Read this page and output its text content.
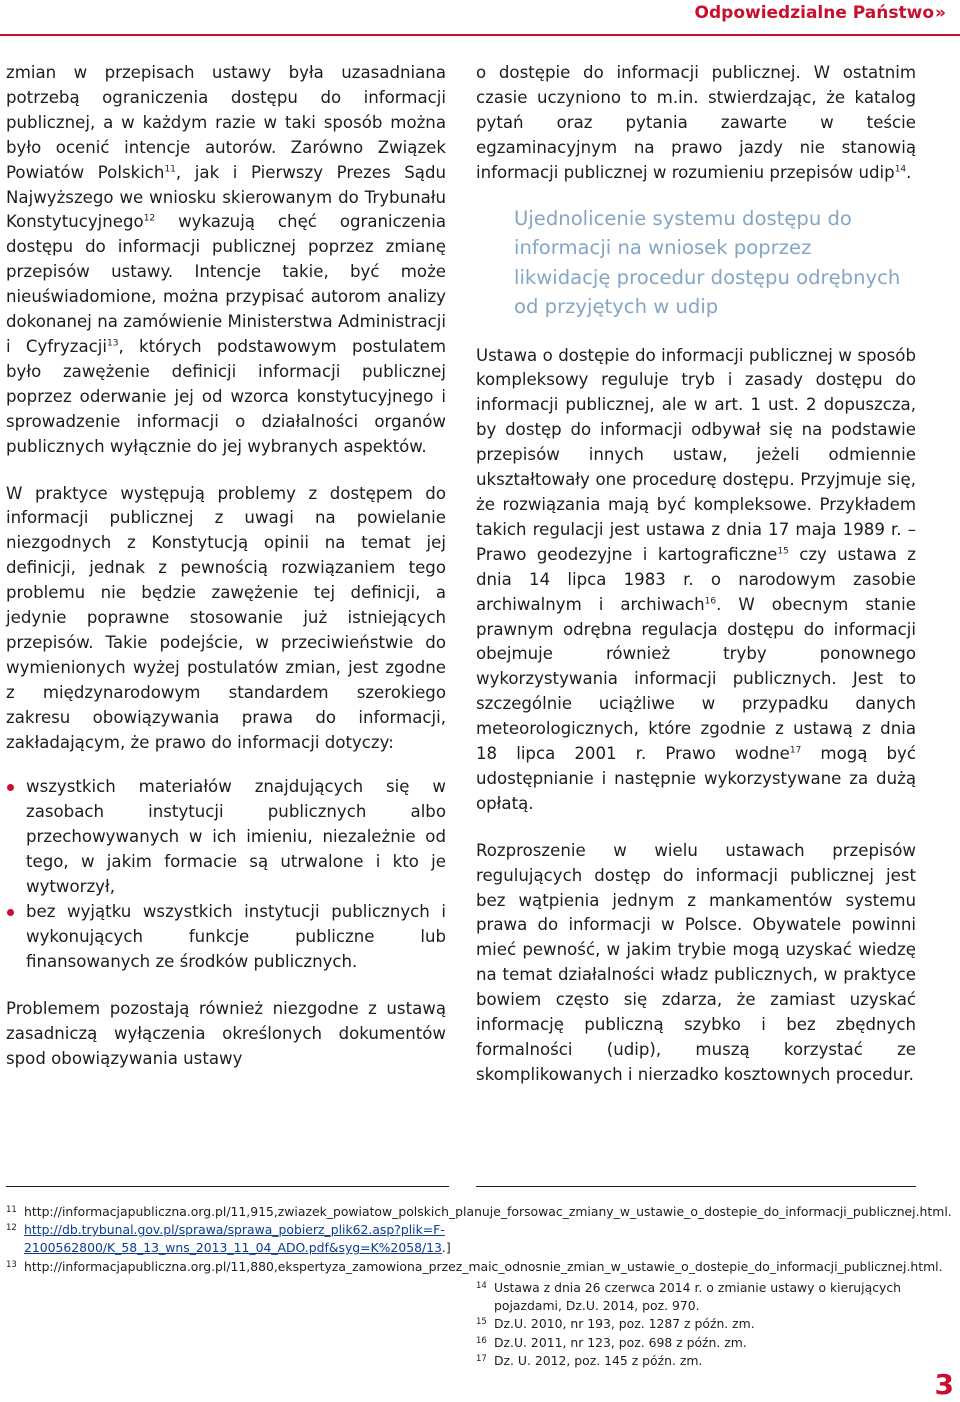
Odpowiedzialne Państwo»

zmian w przepisach ustawy była uzasadniana potrzebą ograniczenia dostępu do informacji publicznej, a w każdym razie w taki sposób można było ocenić intencje autorów. Zarówno Związek Powiatów Polskich$^{11}$, jak i Pierwszy Prezes Sądu Najwyższego we wniosku skierowanym do Trybunału Konstytucyjnego$^{12}$ wykazują chęć ograniczenia dostępu do informacji publicznej poprzez zmianę przepisów ustawy. Intencje takie, być może nieuświadomione, można przypisać autorom analizy dokonanej na zamówienie Ministerstwa Administracji i Cyfryzacji$^{13}$, których podstawowym postulatem było zawężenie definicji informacji publicznej poprzez oderwanie jej od wzorca konstytucyjnego i sprowadzenie informacji o działalności organów publicznych wyłącznie do jej wybranych aspektów.

W praktyce występują problemy z dostępem do informacji publicznej z uwagi na powielanie niezgodnych z Konstytucją opinii na temat jej definicji, jednak z pewnością rozwiązaniem tego problemu nie będzie zawężenie tej definicji, a jedynie poprawne stosowanie już istniejących przepisów. Takie podejście, w przeciwieństwie do wymienionych wyżej postulatów zmian, jest zgodne z międzynarodowym standardem szerokiego zakresu obowiązywania prawa do informacji, zakładającym, że prawo do informacji dotyczy:

wszystkich materiałów znajdujących się w zasobach instytucji publicznych albo przechowywanych w ich imieniu, niezależnie od tego, w jakim formacie są utrwalone i kto je wytworzył,
bez wyjątku wszystkich instytucji publicznych i wykonujących funkcje publiczne lub finansowanych ze środków publicznych.

Problemem pozostają również niezgodne z ustawą zasadniczą wyłączenia określonych dokumentów spod obowiązywania ustawy

o dostępie do informacji publicznej. W ostatnim czasie uczyniono to m.in. stwierdzając, że katalog pytań oraz pytania zawarte w teście egzaminacyjnym na prawo jazdy nie stanowią informacji publicznej w rozumieniu przepisów udip$^{14}$.

Ujednolicenie systemu dostępu do informacji na wniosek poprzez likwidację procedur dostępu odrębnych od przyjętych w udip

Ustawa o dostępie do informacji publicznej w sposób kompleksowy reguluje tryb i zasady dostępu do informacji publicznej, ale w art. 1 ust. 2 dopuszcza, by dostęp do informacji odbywał się na podstawie przepisów innych ustaw, jeżeli odmiennie ukształtowały one procedurę dostępu. Przyjmuje się, że rozwiązania mają być kompleksowe. Przykładem takich regulacji jest ustawa z dnia 17 maja 1989 r. – Prawo geodezyjne i kartograficzne$^{15}$ czy ustawa z dnia 14 lipca 1983 r. o narodowym zasobie archiwalnym i archiwach$^{16}$. W obecnym stanie prawnym odrębna regulacja dostępu do informacji obejmuje również tryby ponownego wykorzystywania informacji publicznych. Jest to szczególnie uciążliwe w przypadku danych meteorologicznych, które zgodnie z ustawą z dnia 18 lipca 2001 r. Prawo wodne$^{17}$ mogą być udostępnianie i następnie wykorzystywane za dużą opłatą.

Rozproszenie w wielu ustawach przepisów regulujących dostęp do informacji publicznej jest bez wątpienia jednym z mankamentów systemu prawa do informacji w Polsce. Obywatele powinni mieć pewność, w jakim trybie mogą uzyskać wiedzę na temat działalności władz publicznych, w praktyce bowiem często się zdarza, że zamiast uzyskać informację publiczną szybko i bez zbędnych formalności (udip), muszą korzystać ze skomplikowanych i nierzadko kosztownych procedur.

11 http://informacjapubliczna.org.pl/11,915,zwiazek_powiatow_polskich_planuje_forsowac_zmiany_w_ustawie_o_dostepie_do_informacji_publicznej.html.

12 http://db.trybunal.gov.pl/sprawa/sprawa_pobierz_plik62.asp?plik=F-2100562800/K_58_13_wns_2013_11_04_ADO.pdf&syg=K%2058/13.]

13 http://informacjapubliczna.org.pl/11,880,ekspertyza_zamowiona_przez_maic_odnosnie_zmian_w_ustawie_o_dostepie_do_informacji_publicznej.html.

14 Ustawa z dnia 26 czerwca 2014 r. o zmianie ustawy o kierujących pojazdami, Dz.U. 2014, poz. 970.

15 Dz.U. 2010, nr 193, poz. 1287 z późn. zm.

16 Dz.U. 2011, nr 123, poz. 698 z późn. zm.

17 Dz. U. 2012, poz. 145 z późn. zm.

3
